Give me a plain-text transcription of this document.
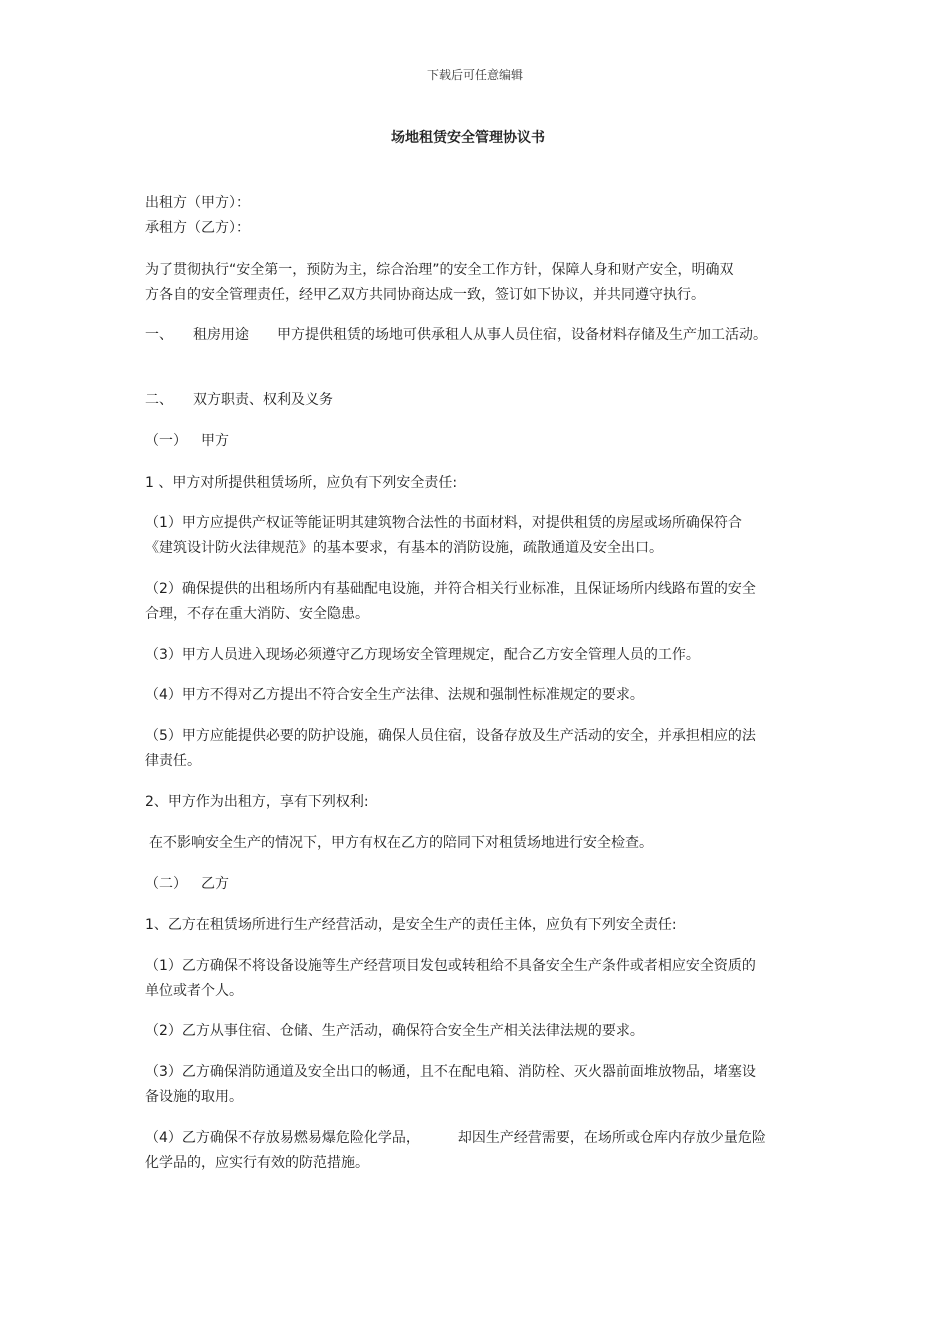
下载后可任意编辑
场地租赁安全管理协议书
出租方（甲方）：
承租方（乙方）：
为了贯彻执行“安全第一，预防为主，综合治理”的安全工作方针，保障人身和财产安全，明确双
方各自的安全管理责任，经甲乙双方共同协商达成一致，签订如下协议，并共同遵守执行。
一、 租房用途 甲方提供租赁的场地可供承租人从事人员住宿，设备材料存储及生产加工活动。
二、 双方职责、权利及义务
（一） 甲方
1 、甲方对所提供租赁场所，应负有下列安全责任:
（1）甲方应提供产权证等能证明其建筑物合法性的书面材料，对提供租赁的房屋或场所确保符合
《建筑设计防火法律规范》的基本要求，有基本的消防设施，疏散通道及安全出口。
（2）确保提供的出租场所内有基础配电设施，并符合相关行业标准，且保证场所内线路布置的安全
合理，不存在重大消防、安全隐患。
（3）甲方人员进入现场必须遵守乙方现场安全管理规定，配合乙方安全管理人员的工作。
（4）甲方不得对乙方提出不符合安全生产法律、法规和强制性标准规定的要求。
（5）甲方应能提供必要的防护设施，确保人员住宿，设备存放及生产活动的安全，并承担相应的法
律责任。
2、甲方作为出租方，享有下列权利:
在不影响安全生产的情况下，甲方有权在乙方的陪同下对租赁场地进行安全检查。
（二） 乙方
1、乙方在租赁场所进行生产经营活动，是安全生产的责任主体，应负有下列安全责任:
（1）乙方确保不将设备设施等生产经营项目发包或转租给不具备安全生产条件或者相应安全资质的
单位或者个人。
（2）乙方从事住宿、仓储、生产活动，确保符合安全生产相关法律法规的要求。
（3）乙方确保消防通道及安全出口的畅通，且不在配电箱、消防栓、灭火器前面堆放物品，堵塞设
备设施的取用。
（4）乙方确保不存放易燃易爆危险化学品，	却因生产经营需要，在场所或仓库内存放少量危险
化学品的，应实行有效的防范措施。
